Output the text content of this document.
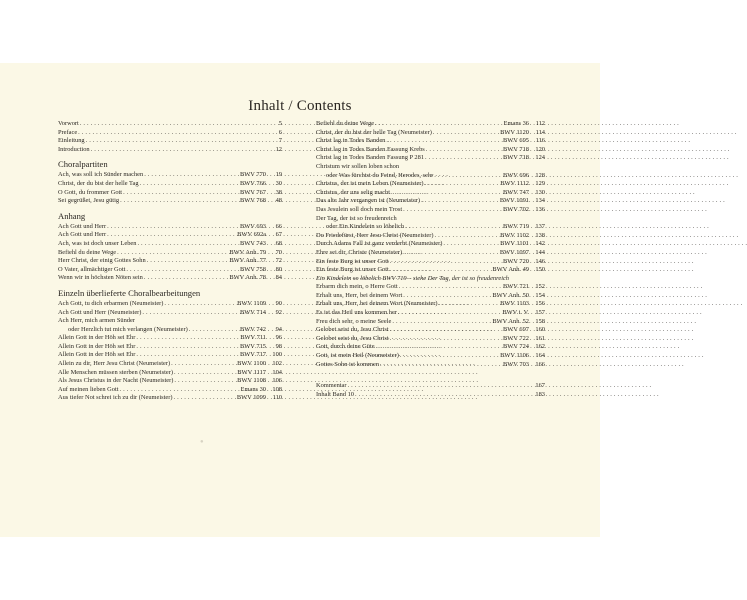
Inhalt / Contents
Vorwort . . .	5
Preface . . .	6
Einleitung . . .	7
Introduction . . .	12
Choralpartiten
Ach, was soll ich Sünder machen . . .	BWV 770	19
Christ, der du bist der helle Tag . . .	BWV 766	30
O Gott, du frommer Gott . . .	BWV 767	38
Sei gegrüßet, Jesu gütig . . .	BWV 768	48
Anhang
Ach Gott und Herr . . .	BWV 693	66
Ach Gott und Herr . . .	BWV 692a	67
Ach, was ist doch unser Leben . . .	BWV 743	68
Befiehl du deine Wege . . .	BWV Anh. 79	70
Herr Christ, der einig Gottes Sohn . . .	BWV Anh. 77	72
O Vater, allmächtiger Gott . . .	BWV 758	80
Wenn wir in höchsten Nöten sein . . .	BWV Anh. 78	84
Einzeln überlieferte Choralbearbeitungen
Ach Gott, tu dich erbarmen (Neumeister) . . .	BWV 1109	90
Ach Gott und Herr (Neumeister) . . .	BWV 714	92
Ach Herr, mich armen Sünder
oder Herzlich tut mich verlangen (Neumeister) . . .	BWV 742	94
Allein Gott in der Höh sei Ehr . . .	BWV 711	96
Allein Gott in der Höh sei Ehr . . .	BWV 715	98
Allein Gott in der Höh sei Ehr . . .	BWV 717	100
Allein zu dir, Herr Jesu Christ (Neumeister) . . .	BWV 1100	102
Alle Menschen müssen sterben (Neumeister) . . .	BWV 1117	104
Als Jesus Christus in der Nacht (Neumeister) . . .	BWV 1108	106
Auf meinen lieben Gott . . .	Emans 30	108
Aus tiefer Not schrei ich zu dir (Neumeister) . . .	BWV 1099	110
Befiehl du deine Wege . . .	Emans 36	112
Christ, der du bist der helle Tag (Neumeister) . . .	BWV 1120	114
Christ lag in Todes Banden . . .	BWV 695	116
Christ lag in Todes Banden Fassung Krebs . . .	BWV 718	120
Christ lag in Todes Banden Fassung P 281 . . .	BWV 718	124
Christum wir sollen loben schon
oder Was fürchtst du Feind, Herodes, sehr . . .	BWV 696	128
Christus, der ist mein Leben (Neumeister) . . .	BWV 1112	129
Christus, der uns selig macht . . .	BWV 747	130
Das alte Jahr vergangen ist (Neumeister) . . .	BWV 1091	134
Das Jesulein soll doch mein Trost . . .	BWV 702	136
Der Tag, der ist so freudenreich
oder Ein Kindelein so löbelich . . .	BWV 719	137
Du Friedefürst, Herr Jesu Christ (Neumeister) . . .	BWV 1102	138
Durch Adams Fall ist ganz verderbt (Neumeister) . . .	BWV 1101	142
Ehre sei dir, Christe (Neumeister) . . .	BWV 1097	144
Ein feste Burg ist unser Gott . . .	BWV 720	146
Ein feste Burg ist unser Gott . . .	BWV Anh. 49	150
Ein Kindelein so löbelich BWV 719 – siehe Der Tag, der ist so freudenreich
Erbarm dich mein, o Herre Gott . . .	BWV 721	152
Erhalt uns, Herr, bei deinem Wort . . .	BWV Anh. 50	154
Erhalt uns, Herr, bei deinem Wort (Neumeister) . . .	BWV 1103	156
Es ist das Heil uns kommen her . . .	BWV i. V.	157
Freu dich sehr, o meine Seele . . .	BWV Anh. 52	158
Gelobet seist du, Jesu Christ . . .	BWV 697	160
Gelobet seist du, Jesu Christ . . .	BWV 722	161
Gott, durch deine Güte . . .	BWV 724	162
Gott, ist mein Heil (Neumeister) . . .	BWV 1106	164
Gottes Sohn ist kommen . . .	BWV 703	166
Kommentar . . .	167
Inhalt Band 10 . . .	183
●
